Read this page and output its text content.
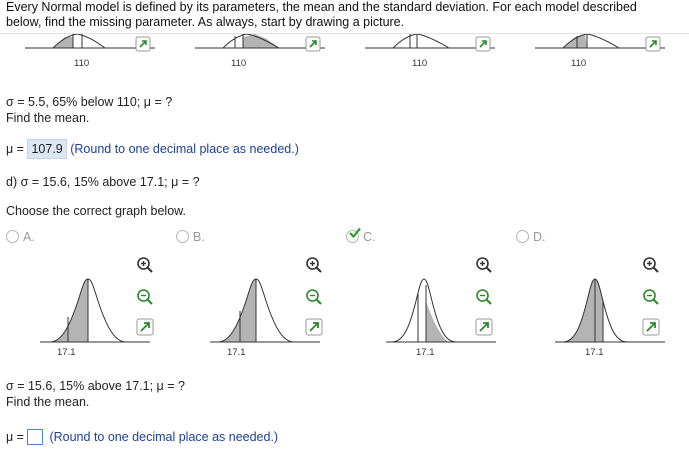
Every Normal model is defined by its parameters, the mean and the standard deviation. For each model described
below, find the missing parameter. As always, start by drawing a picture.
110	110	110	110
σ = 5.5, 65% below 110; μ = ?
Find the mean.
μ = 107.9 (Round to one decimal place as needed.)
d) σ = 15.6, 15% above 17.1; μ = ?
Choose the correct graph below.
A.	B.	C.	D.
17.1	17.1	17.1	17.1
σ = 15.6, 15% above 17.1; μ = ?
Find the mean.
μ = (Round to one decimal place as needed.)
